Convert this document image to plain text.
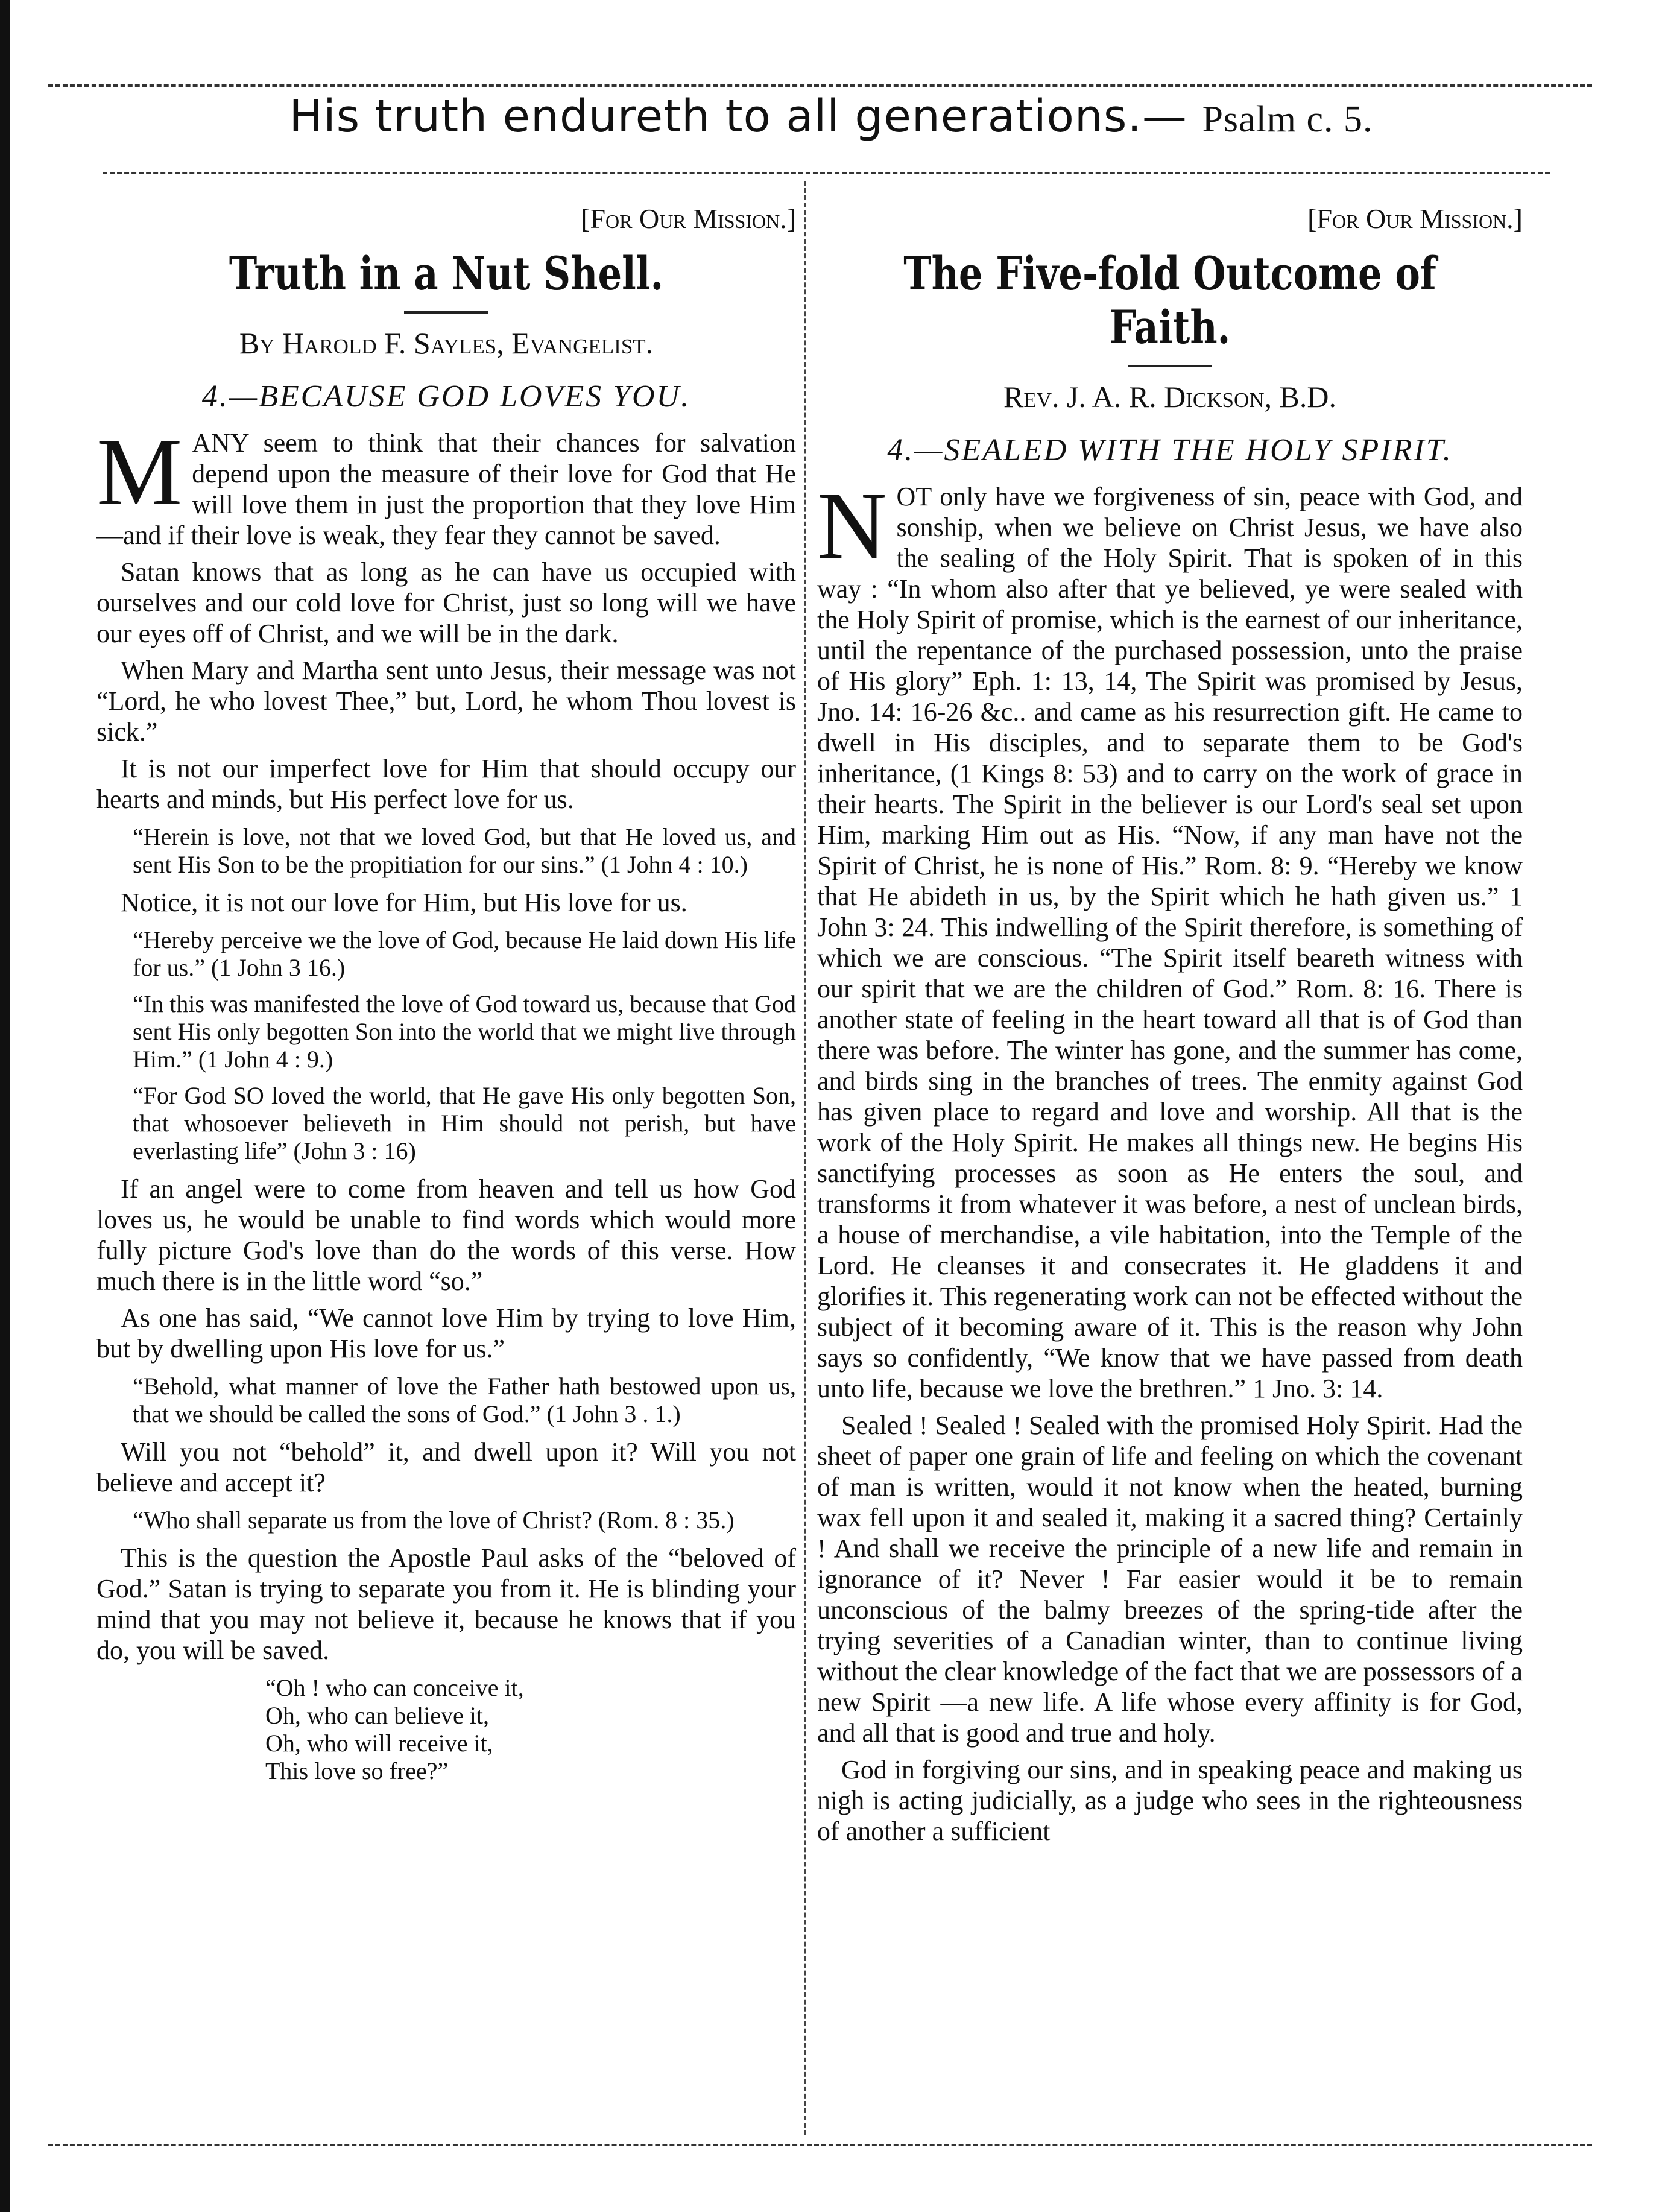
His truth endureth to all generations.— Psalm c. 5.
[For Our Mission.]
Truth in a Nut Shell.
By Harold F. Sayles, Evangelist.
4.—BECAUSE GOD LOVES YOU.

MANY seem to think that their chances for salvation depend upon the measure of their love for God that He will love them in just the proportion that they love Him—and if their love is weak, they fear they cannot be saved.

Satan knows that as long as he can have us occupied with ourselves and our cold love for Christ, just so long will we have our eyes off of Christ, and we will be in the dark.

When Mary and Martha sent unto Jesus, their message was not “Lord, he who lovest Thee,” but, Lord, he whom Thou lovest is sick.”

It is not our imperfect love for Him that should occupy our hearts and minds, but His perfect love for us.

“Herein is love, not that we loved God, but that He loved us, and sent His Son to be the propitiation for our sins.” (1 John 4 : 10.)

Notice, it is not our love for Him, but His love for us.

“Hereby perceive we the love of God, because He laid down His life for us.” (1 John 3 16.)
“In this was manifested the love of God toward us, because that God sent His only begotten Son into the world that we might live through Him.” (1 John 4 : 9.)
“For God SO loved the world, that He gave His only begotten Son, that whosoever believeth in Him should not perish, but have everlasting life” (John 3 : 16)

If an angel were to come from heaven and tell us how God loves us, he would be unable to find words which would more fully picture God's love than do the words of this verse. How much there is in the little word “so.”

As one has said, “We cannot love Him by trying to love Him, but by dwelling upon His love for us.”

“Behold, what manner of love the Father hath bestowed upon us, that we should be called the sons of God.” (1 John 3 . 1.)

Will you not “behold” it, and dwell upon it? Will you not believe and accept it?

“Who shall separate us from the love of Christ? (Rom. 8 : 35.)

This is the question the Apostle Paul asks of the “beloved of God.” Satan is trying to separate you from it. He is blinding your mind that you may not believe it, because he knows that if you do, you will be saved.

“Oh ! who can conceive it,
Oh, who can believe it,
Oh, who will receive it,
This love so free?”
[For Our Mission.]
The Five-fold Outcome of Faith.
Rev. J. A. R. Dickson, B.D.
4.—SEALED WITH THE HOLY SPIRIT.

NOT only have we forgiveness of sin, peace with God, and sonship, when we believe on Christ Jesus, we have also the sealing of the Holy Spirit. That is spoken of in this way : “In whom also after that ye believed, ye were sealed with the Holy Spirit of promise, which is the earnest of our inheritance, until the repentance of the purchased possession, unto the praise of His glory” Eph. 1: 13, 14, The Spirit was promised by Jesus, Jno. 14: 16-26 &c.. and came as his resurrection gift. He came to dwell in His disciples, and to separate them to be God's inheritance, (1 Kings 8: 53) and to carry on the work of grace in their hearts. The Spirit in the believer is our Lord's seal set upon Him, marking Him out as His. “Now, if any man have not the Spirit of Christ, he is none of His.” Rom. 8: 9. “Hereby we know that He abideth in us, by the Spirit which he hath given us.” 1 John 3: 24. This indwelling of the Spirit therefore, is something of which we are conscious. “The Spirit itself beareth witness with our spirit that we are the children of God.” Rom. 8: 16. There is another state of feeling in the heart toward all that is of God than there was before. The winter has gone, and the summer has come, and birds sing in the branches of trees. The enmity against God has given place to regard and love and worship. All that is the work of the Holy Spirit. He makes all things new. He begins His sanctifying processes as soon as He enters the soul, and transforms it from whatever it was before, a nest of unclean birds, a house of merchandise, a vile habitation, into the Temple of the Lord. He cleanses it and consecrates it. He gladdens it and glorifies it. This regenerating work can not be effected without the subject of it becoming aware of it. This is the reason why John says so confidently, “We know that we have passed from death unto life, because we love the brethren.” 1 Jno. 3: 14.

Sealed ! Sealed ! Sealed with the promised Holy Spirit. Had the sheet of paper one grain of life and feeling on which the covenant of man is written, would it not know when the heated, burning wax fell upon it and sealed it, making it a sacred thing? Certainly ! And shall we receive the principle of a new life and remain in ignorance of it? Never ! Far easier would it be to remain unconscious of the balmy breezes of the spring-tide after the trying severities of a Canadian winter, than to continue living without the clear knowledge of the fact that we are possessors of a new Spirit —a new life. A life whose every affinity is for God, and all that is good and true and holy.

God in forgiving our sins, and in speaking peace and making us nigh is acting judicially, as a judge who sees in the righteousness of another a sufficient
